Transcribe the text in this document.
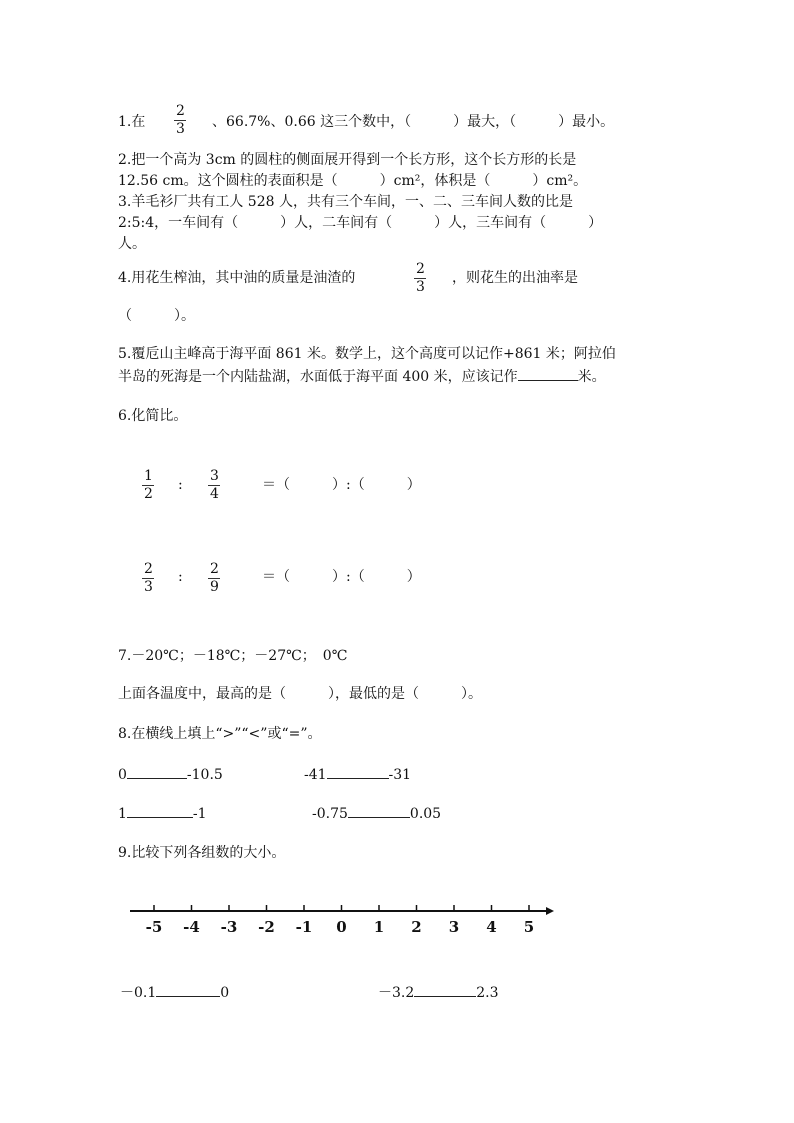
1.在
2
3 、66.7%、0.66 这三个数中，（　　　）最大，（　　　）最小。
2.把一个高为 3cm 的圆柱的侧面展开得到一个长方形，这个长方形的长是
12.56 cm。这个圆柱的表面积是（　　　）cm²，体积是（　　　）cm²。
3.羊毛衫厂共有工人 528 人，共有三个车间，一、二、三车间人数的比是
2:5:4，一车间有（　　　）人，二车间有（　　　）人，三车间有（　　　）
人。
4.用花生榨油，其中油的质量是油渣的
2
3
，则花生的出油率是
（　　　）。
5.覆卮山主峰高于海平面 861 米。数学上，这个高度可以记作+861 米；阿拉伯
半岛的死海是一个内陆盐湖，水面低于海平面 400 米，应该记作	米。
6.化简比。
1
2
:
3
4
＝（　　　）:（　　　）
2
3
: 2
9
＝（　　　）:（　　　）
7.－20℃；－18℃；－27℃；　0℃
上面各温度中，最高的是（　　　），最低的是（　　　）。
8.在横线上填上“>”“<”或“=”。
0	-10.5	-41	-31
1	-1	-0.75	0.05
9.比较下列各组数的大小。
-5 -4 -3 -2 -1 0 1 2 3 4 5
－0.1	0	－3.2	2.3
